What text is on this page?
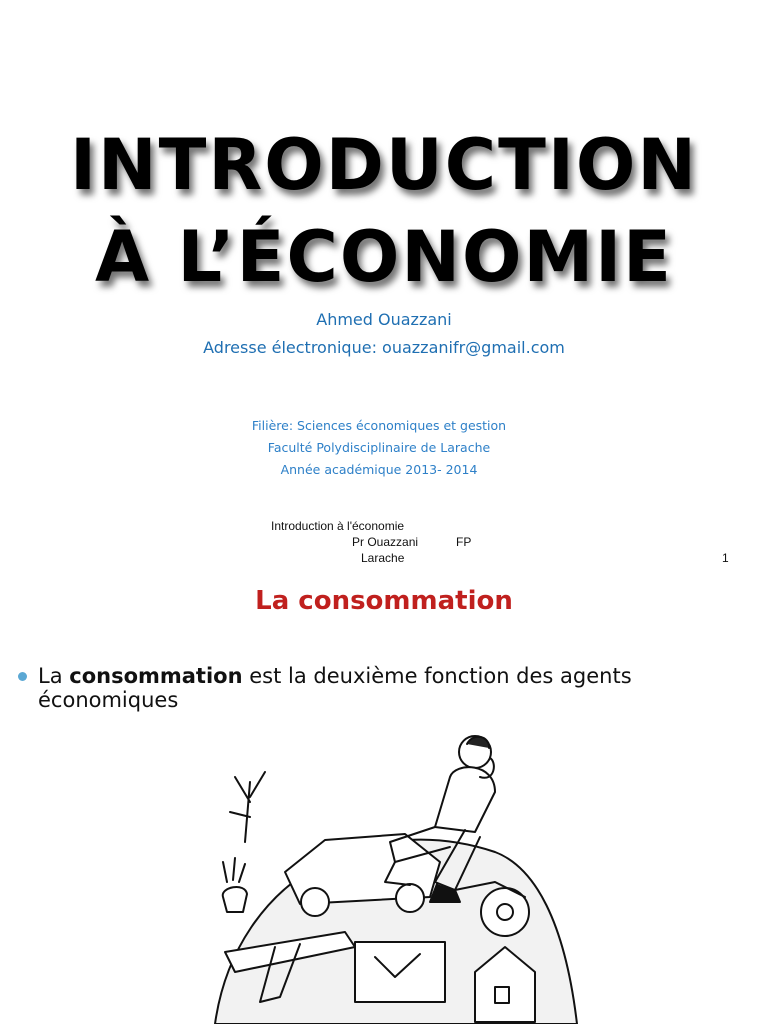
INTRODUCTION
À L’ÉCONOMIE
Ahmed Ouazzani
Adresse électronique: ouazzanifr@gmail.com
Filière: Sciences économiques et gestion
Faculté Polydisciplinaire de Larache
Année académique 2013- 2014
Introduction à l'économie
Pr Ouazzani	FP
Larache	1
La consommation
La consommation est la deuxième fonction des agents économiques
